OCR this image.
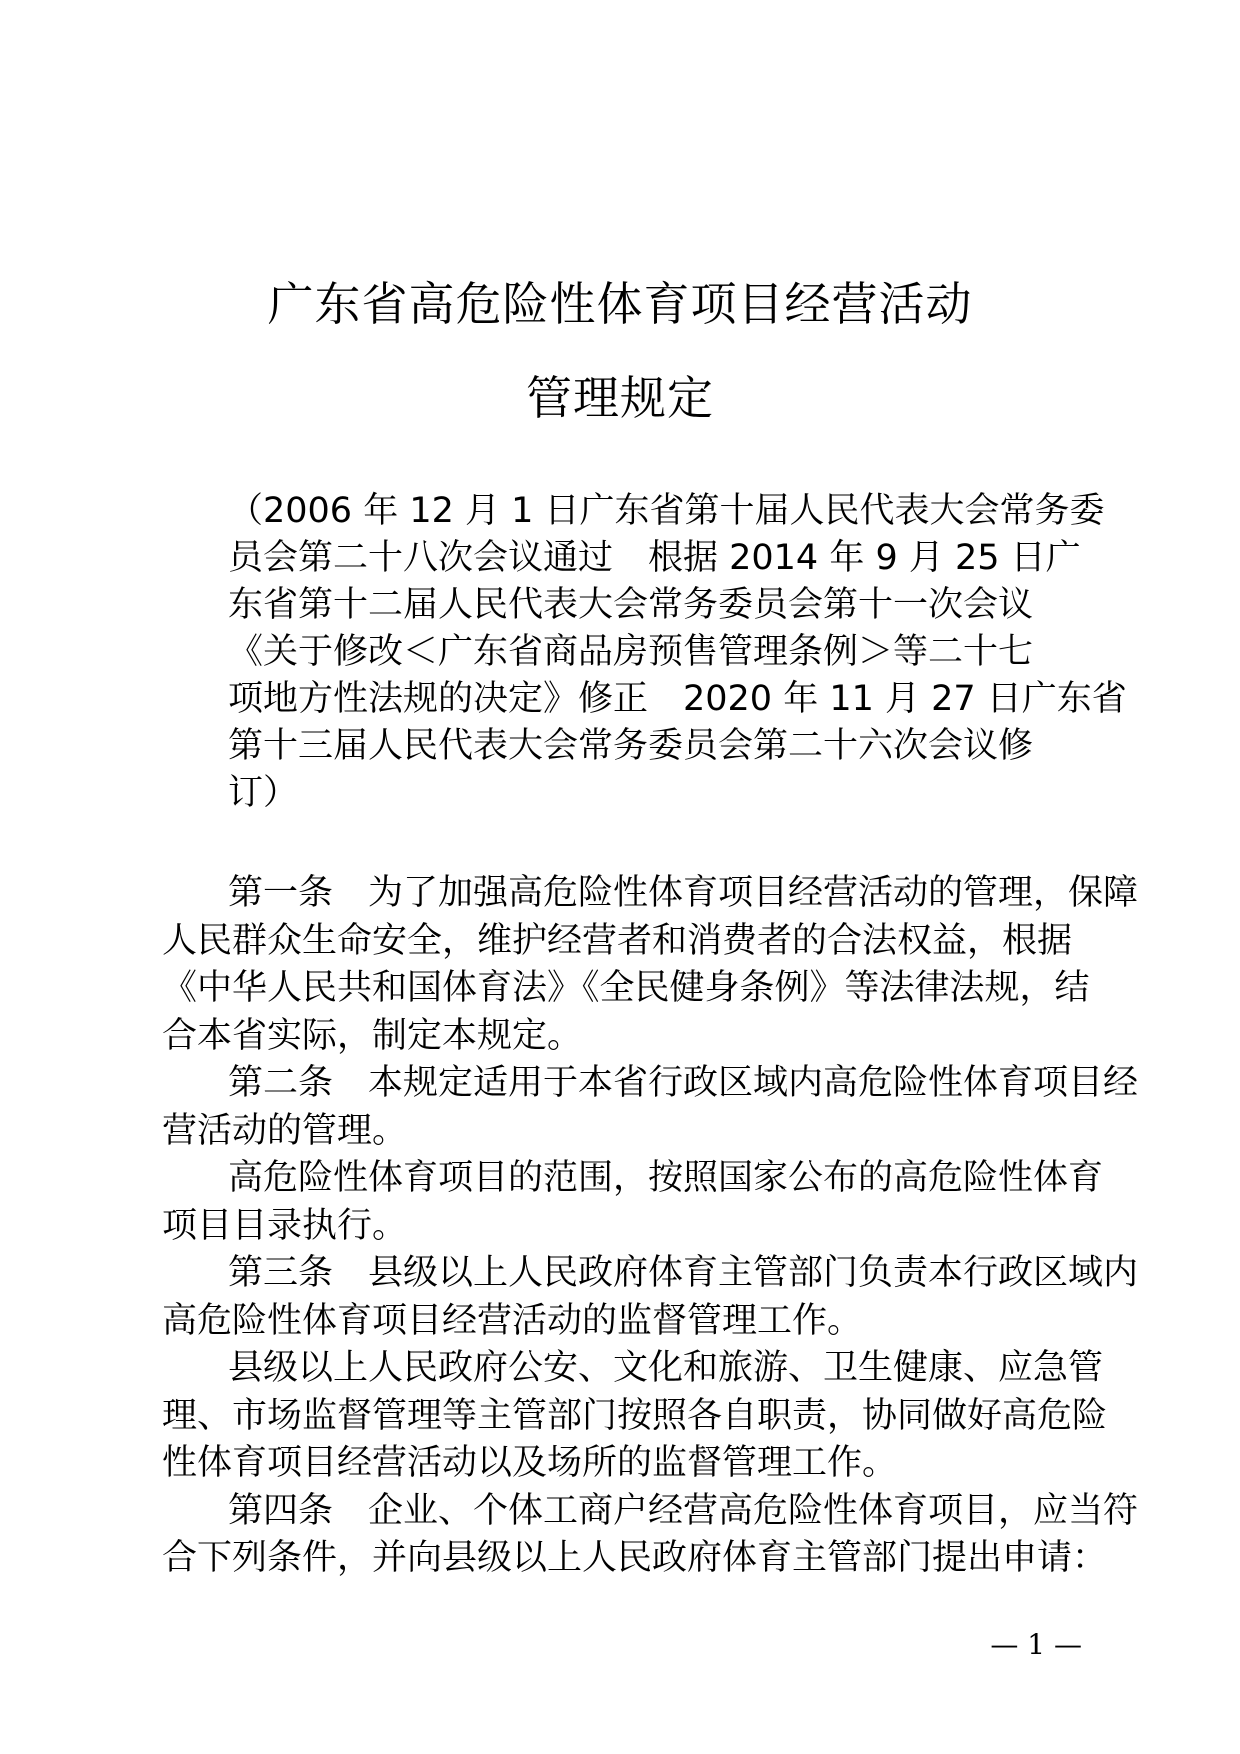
广东省高危险性体育项目经营活动
管理规定
（2006 年 12 月 1 日广东省第十届人民代表大会常务委
员会第二十八次会议通过　根据 2014 年 9 月 25 日广
东省第十二届人民代表大会常务委员会第十一次会议
《关于修改＜广东省商品房预售管理条例＞等二十七
项地方性法规的决定》修正　2020 年 11 月 27 日广东省
第十三届人民代表大会常务委员会第二十六次会议修
订）
第一条　为了加强高危险性体育项目经营活动的管理，保障
人民群众生命安全，维护经营者和消费者的合法权益，根据
《中华人民共和国体育法》《全民健身条例》等法律法规，结
合本省实际，制定本规定。
第二条　本规定适用于本省行政区域内高危险性体育项目经
营活动的管理。
高危险性体育项目的范围，按照国家公布的高危险性体育
项目目录执行。
第三条　县级以上人民政府体育主管部门负责本行政区域内
高危险性体育项目经营活动的监督管理工作。
县级以上人民政府公安、文化和旅游、卫生健康、应急管
理、市场监督管理等主管部门按照各自职责，协同做好高危险
性体育项目经营活动以及场所的监督管理工作。
第四条　企业、个体工商户经营高危险性体育项目，应当符
合下列条件，并向县级以上人民政府体育主管部门提出申请：
— 1 —
